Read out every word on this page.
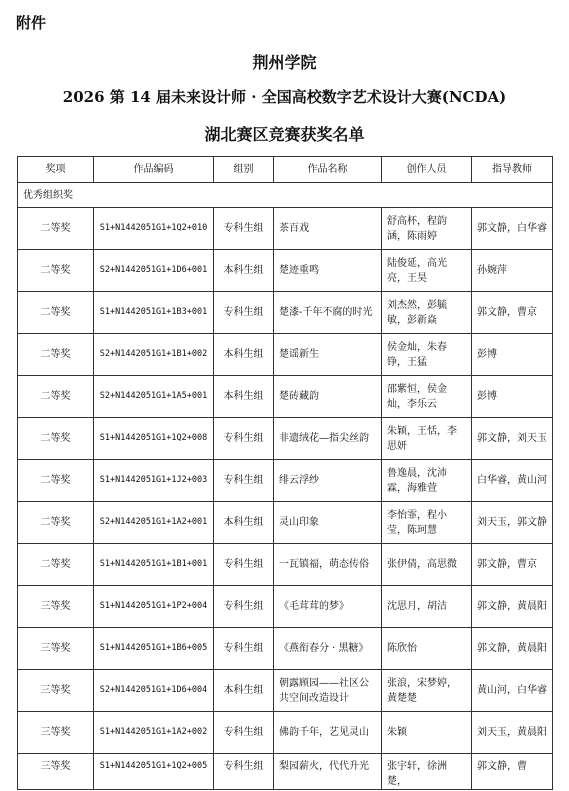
附件
荆州学院
2026 第 14 届未来设计师 · 全国高校数字艺术设计大赛(NCDA)
湖北赛区竞赛获奖名单
奖项	作品编码	组别	作品名称	创作人员	指导教师
优秀组织奖					
二等奖	S1+N1442051G1+1Q2+010	专科生组	茶百戏	舒高杯，程韵涵，陈雨婷	郭文静，白华睿
二等奖	S2+N1442051G1+1D6+001	本科生组	楚迹重鸣	陆俊延，高光亮，王昊	孙婉萍
二等奖	S1+N1442051G1+1B3+001	专科生组	楚漆-千年不腐的时光	刘杰然，彭毓敏，彭新焱	郭文静，曹京
二等奖	S2+N1442051G1+1B1+002	本科生组	楚谣新生	侯金灿，朱春铮，王猛	彭博
二等奖	S2+N1442051G1+1A5+001	本科生组	楚砖藏韵	邵紫恒，侯金灿，李乐云	彭博
二等奖	S1+N1442051G1+1Q2+008	专科生组	非遗绒花—指尖丝韵	朱颖，王恬，李思妍	郭文静，刘天玉
二等奖	S1+N1442051G1+1J2+003	专科生组	绯云浮纱	鲁逸晨，沈沛霖，海雅萱	白华睿，黄山河
二等奖	S2+N1442051G1+1A2+001	本科生组	灵山印象	李怡霏，程小莹，陈珂慧	刘天玉，郭文静
二等奖	S1+N1442051G1+1B1+001	专科生组	一瓦镇福，萌态传俗	张伊倩，高思微	郭文静，曹京
三等奖	S1+N1442051G1+1P2+004	专科生组	《毛茸茸的梦》	沈思月，胡洁	郭文静，黄晨阳
三等奖	S1+N1442051G1+1B6+005	专科生组	《燕衔春分 · 黑糖》	陈欣怡	郭文静，黄晨阳
三等奖	S2+N1442051G1+1D6+004	本科生组	朝露顾园——社区公共空间改造设计	张浪，宋梦婷，黄楚楚	黄山河，白华睿
三等奖	S1+N1442051G1+1A2+002	专科生组	佛韵千年，艺见灵山	朱颖	刘天玉，黄晨阳
三等奖	S1+N1442051G1+1Q2+005	专科生组	梨园薪火，代代升光	张宇轩，徐洲楚，	郭文静，曹
